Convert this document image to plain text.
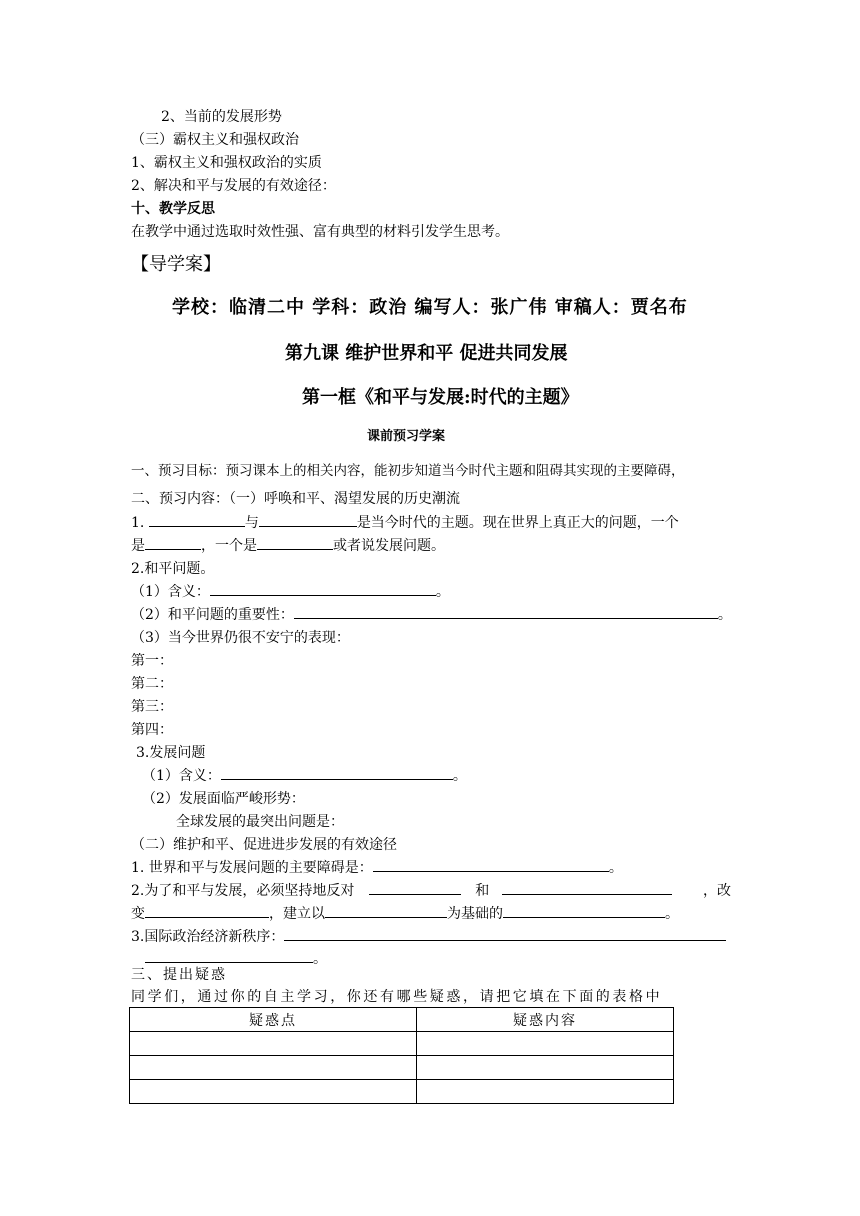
2、当前的发展形势
（三）霸权主义和强权政治
1、霸权主义和强权政治的实质
2、解决和平与发展的有效途径：
十、教学反思
在教学中通过选取时效性强、富有典型的材料引发学生思考。
【导学案】
学校：临清二中 学科：政治 编写人：张广伟 审稿人：贾名布
第九课 维护世界和平 促进共同发展
第一框《和平与发展:时代的主题》
课前预习学案
一、预习目标：预习课本上的相关内容，能初步知道当今时代主题和阻碍其实现的主要障碍，
二、预习内容：（一）呼唤和平、渴望发展的历史潮流
1.	与	是当今时代的主题。现在世界上真正大的问题，一个
是	，一个是	或者说发展问题。
2.和平问题。
（1）含义：	。
（2）和平问题的重要性：	。
（3）当今世界仍很不安宁的表现：
第一：
第二：
第三：
第四：
3.发展问题
（1）含义：	。
（2）发展面临严峻形势：
全球发展的最突出问题是：
（二）维护和平、促进进步发展的有效途径
1. 世界和平与发展问题的主要障碍是：	。
2.为了和平与发展，必须坚持地反对	和	，改
变	，建立以	为基础的	。
3.国际政治经济新秩序：
。
三、提出疑惑
同学们，通过你的自主学习，你还有哪些疑惑，请把它填在下面的表格中
疑惑点	疑惑内容
